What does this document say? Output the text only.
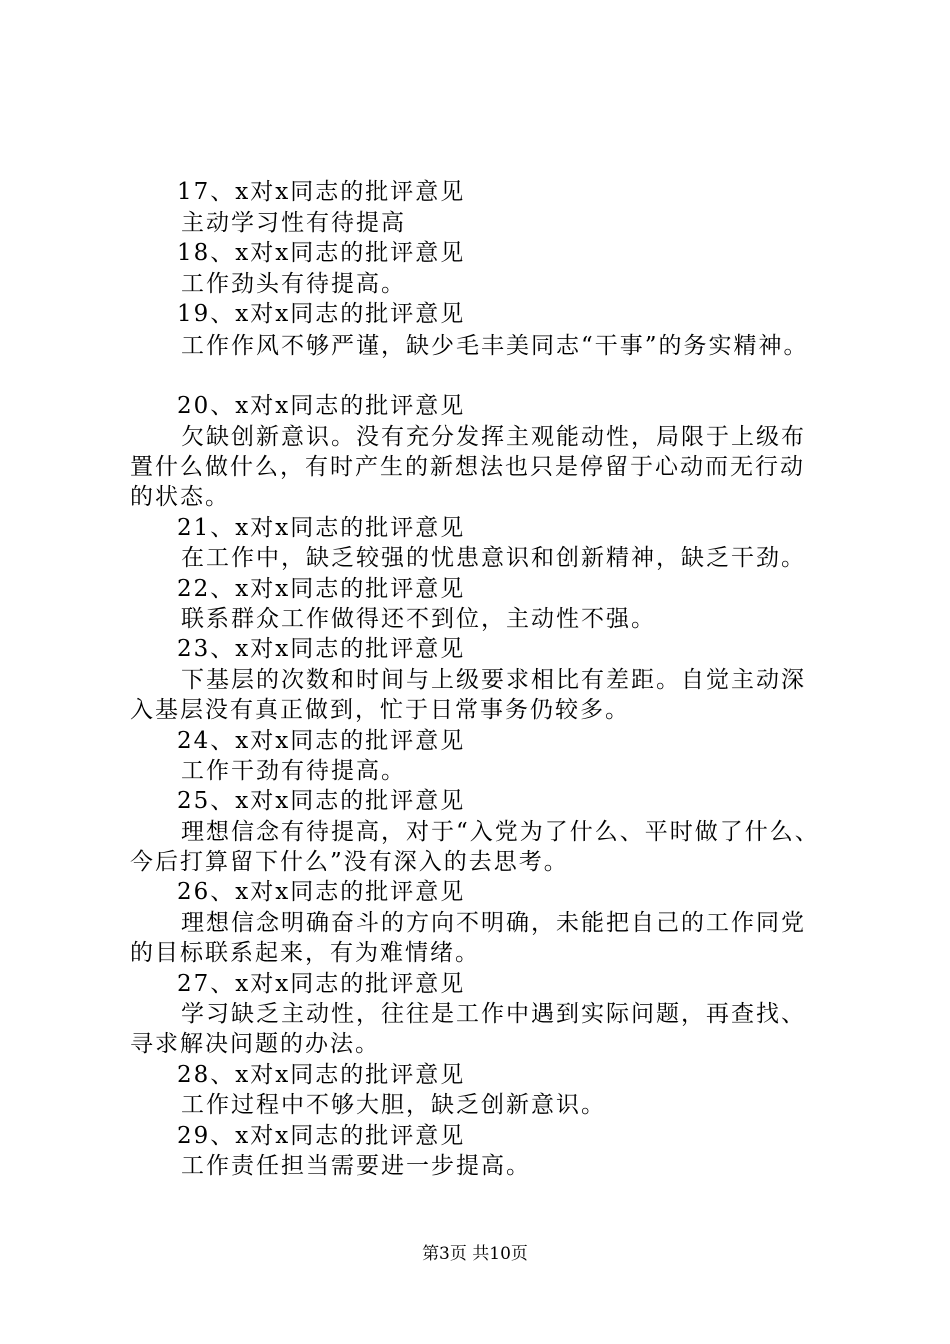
17、x对x同志的批评意见
主动学习性有待提高
18、x对x同志的批评意见
工作劲头有待提高。
19、x对x同志的批评意见
工作作风不够严谨，缺少毛丰美同志“干事”的务实精神。
20、x对x同志的批评意见
欠缺创新意识。没有充分发挥主观能动性，局限于上级布
置什么做什么，有时产生的新想法也只是停留于心动而无行动
的状态。
21、x对x同志的批评意见
在工作中，缺乏较强的忧患意识和创新精神，缺乏干劲。
22、x对x同志的批评意见
联系群众工作做得还不到位，主动性不强。
23、x对x同志的批评意见
下基层的次数和时间与上级要求相比有差距。自觉主动深
入基层没有真正做到，忙于日常事务仍较多。
24、x对x同志的批评意见
工作干劲有待提高。
25、x对x同志的批评意见
理想信念有待提高，对于“入党为了什么、平时做了什么、
今后打算留下什么”没有深入的去思考。
26、x对x同志的批评意见
理想信念明确奋斗的方向不明确，未能把自己的工作同党
的目标联系起来，有为难情绪。
27、x对x同志的批评意见
学习缺乏主动性，往往是工作中遇到实际问题，再查找、
寻求解决问题的办法。
28、x对x同志的批评意见
工作过程中不够大胆，缺乏创新意识。
29、x对x同志的批评意见
工作责任担当需要进一步提高。
第3页 共10页
